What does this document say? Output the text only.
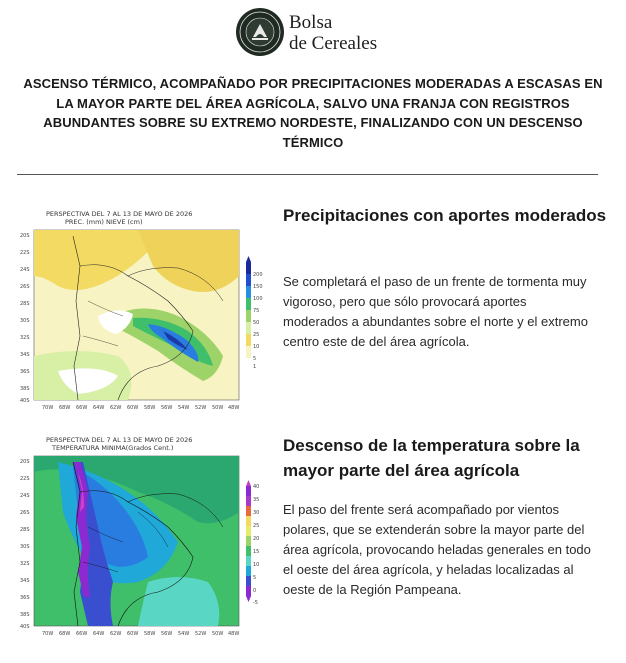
Bolsa
de Cereales

ASCENSO TÉRMICO, ACOMPAÑADO POR PRECIPITACIONES MODERADAS A ESCASAS EN LA MAYOR PARTE DEL ÁREA AGRÍCOLA, SALVO UNA FRANJA CON REGISTROS ABUNDANTES SOBRE SU EXTREMO NORDESTE, FINALIZANDO CON UN DESCENSO TÉRMICO

PERSPECTIVA DEL 7 AL 13 DE MAYO DE 2026
PREC. (mm) NIEVE (cm)
20S
22S
24S
26S
28S
30S
32S
34S
36S
38S
40S
70W 68W 66W 64W 62W 60W 58W 56W 54W 52W 50W 48W
200
150
100
75
50
25
10
5
1
Precipitaciones con aportes moderados

Se completará el paso de un frente de tormenta muy vigoroso, pero que sólo provocará aportes moderados a abundantes sobre el norte y el extremo centro este de del área agrícola.

PERSPECTIVA DEL 7 AL 13 DE MAYO DE 2026
TEMPERATURA MINIMA(Grados Cent.)
20S
22S
24S
26S
28S
30S
32S
34S
36S
38S
40S
70W 68W 66W 64W 62W 60W 58W 56W 54W 52W 50W 48W
40
35
30
25
20
15
10
5
0
-5
Descenso de la temperatura sobre la mayor parte del área agrícola

El paso del frente será acompañado por vientos polares, que se extenderán sobre la mayor parte del área agrícola, provocando heladas generales en todo el oeste del área agrícola, y heladas localizadas al oeste de la Región Pampeana.
